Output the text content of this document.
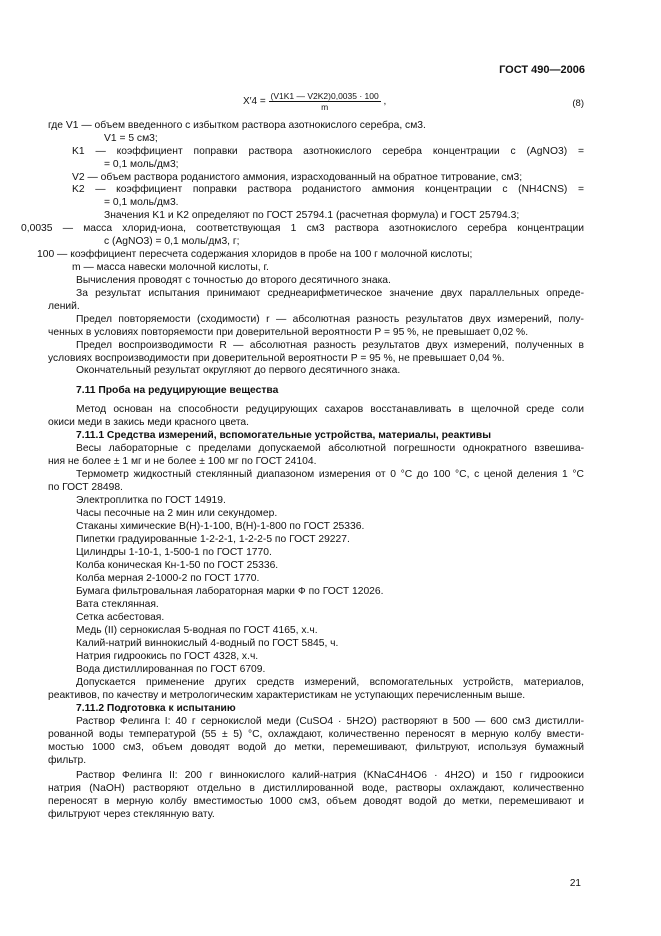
ГОСТ 490—2006
$X'4 = \frac{(V1K1 — V2K2)0,0035 \cdot 100}{m}$ ,	(8)
где V1 — объем введенного с избытком раствора азотнокислого серебра, см3.
V1 = 5 см3;
K1 — коэффициент поправки раствора азотнокислого серебра концентрации c (AgNO3) =
= 0,1 моль/дм3;
V2 — объем раствора роданистого аммония, израсходованный на обратное титрование, см3;
K2 — коэффициент поправки раствора роданистого аммония концентрации c (NH4CNS) =
= 0,1 моль/дм3.
Значения K1 и K2 определяют по ГОСТ 25794.1 (расчетная формула) и ГОСТ 25794.3;
0,0035 — масса хлорид-иона, соответствующая 1 см3 раствора азотнокислого серебра концентрации
c (AgNO3) = 0,1 моль/дм3, г;
100 — коэффициент пересчета содержания хлоридов в пробе на 100 г молочной кислоты;
m — масса навески молочной кислоты, г.
Вычисления проводят с точностью до второго десятичного знака.
За результат испытания принимают среднеарифметическое значение двух параллельных опреде-
лений.
Предел повторяемости (сходимости) r — абсолютная разность результатов двух измерений, полу-
ченных в условиях повторяемости при доверительной вероятности P = 95 %, не превышает 0,02 %.
Предел воспроизводимости R — абсолютная разность результатов двух измерений, полученных в
условиях воспроизводимости при доверительной вероятности P = 95 %, не превышает 0,04 %.
Окончательный результат округляют до первого десятичного знака.
7.11 Проба на редуцирующие вещества
Метод основан на способности редуцирующих сахаров восстанавливать в щелочной среде соли
окиси меди в закись меди красного цвета.
7.11.1 Средства измерений, вспомогательные устройства, материалы, реактивы
Весы лабораторные с пределами допускаемой абсолютной погрешности однократного взвешива-
ния не более ± 1 мг и не более ± 100 мг по ГОСТ 24104.
Термометр жидкостный стеклянный диапазоном измерения от 0 °С до 100 °С, с ценой деления 1 °С
по ГОСТ 28498.
Электроплитка по ГОСТ 14919.
Часы песочные на 2 мин или секундомер.
Стаканы химические В(Н)-1-100, В(Н)-1-800 по ГОСТ 25336.
Пипетки градуированные 1-2-2-1, 1-2-2-5 по ГОСТ 29227.
Цилиндры 1-10-1, 1-500-1 по ГОСТ 1770.
Колба коническая Кн-1-50 по ГОСТ 25336.
Колба мерная 2-1000-2 по ГОСТ 1770.
Бумага фильтровальная лабораторная марки Ф по ГОСТ 12026.
Вата стеклянная.
Сетка асбестовая.
Медь (II) сернокислая 5-водная по ГОСТ 4165, х.ч.
Калий-натрий виннокислый 4-водный по ГОСТ 5845, ч.
Натрия гидроокись по ГОСТ 4328, х.ч.
Вода дистиллированная по ГОСТ 6709.
Допускается применение других средств измерений, вспомогательных устройств, материалов,
реактивов, по качеству и метрологическим характеристикам не уступающих перечисленным выше.
7.11.2 Подготовка к испытанию
Раствор Фелинга I: 40 г сернокислой меди (CuSO4 · 5H2O) растворяют в 500 — 600 см3 дистилли-
рованной воды температурой (55 ± 5) °С, охлаждают, количественно переносят в мерную колбу вмести-
мостью 1000 см3, объем доводят водой до метки, перемешивают, фильтруют, используя бумажный
фильтр.
Раствор Фелинга II: 200 г виннокислого калий-натрия (KNaC4H4O6 · 4H2O) и 150 г гидроокиси
натрия (NaOH) растворяют отдельно в дистиллированной воде, растворы охлаждают, количественно
переносят в мерную колбу вместимостью 1000 см3, объем доводят водой до метки, перемешивают и
фильтруют через стеклянную вату.
21
